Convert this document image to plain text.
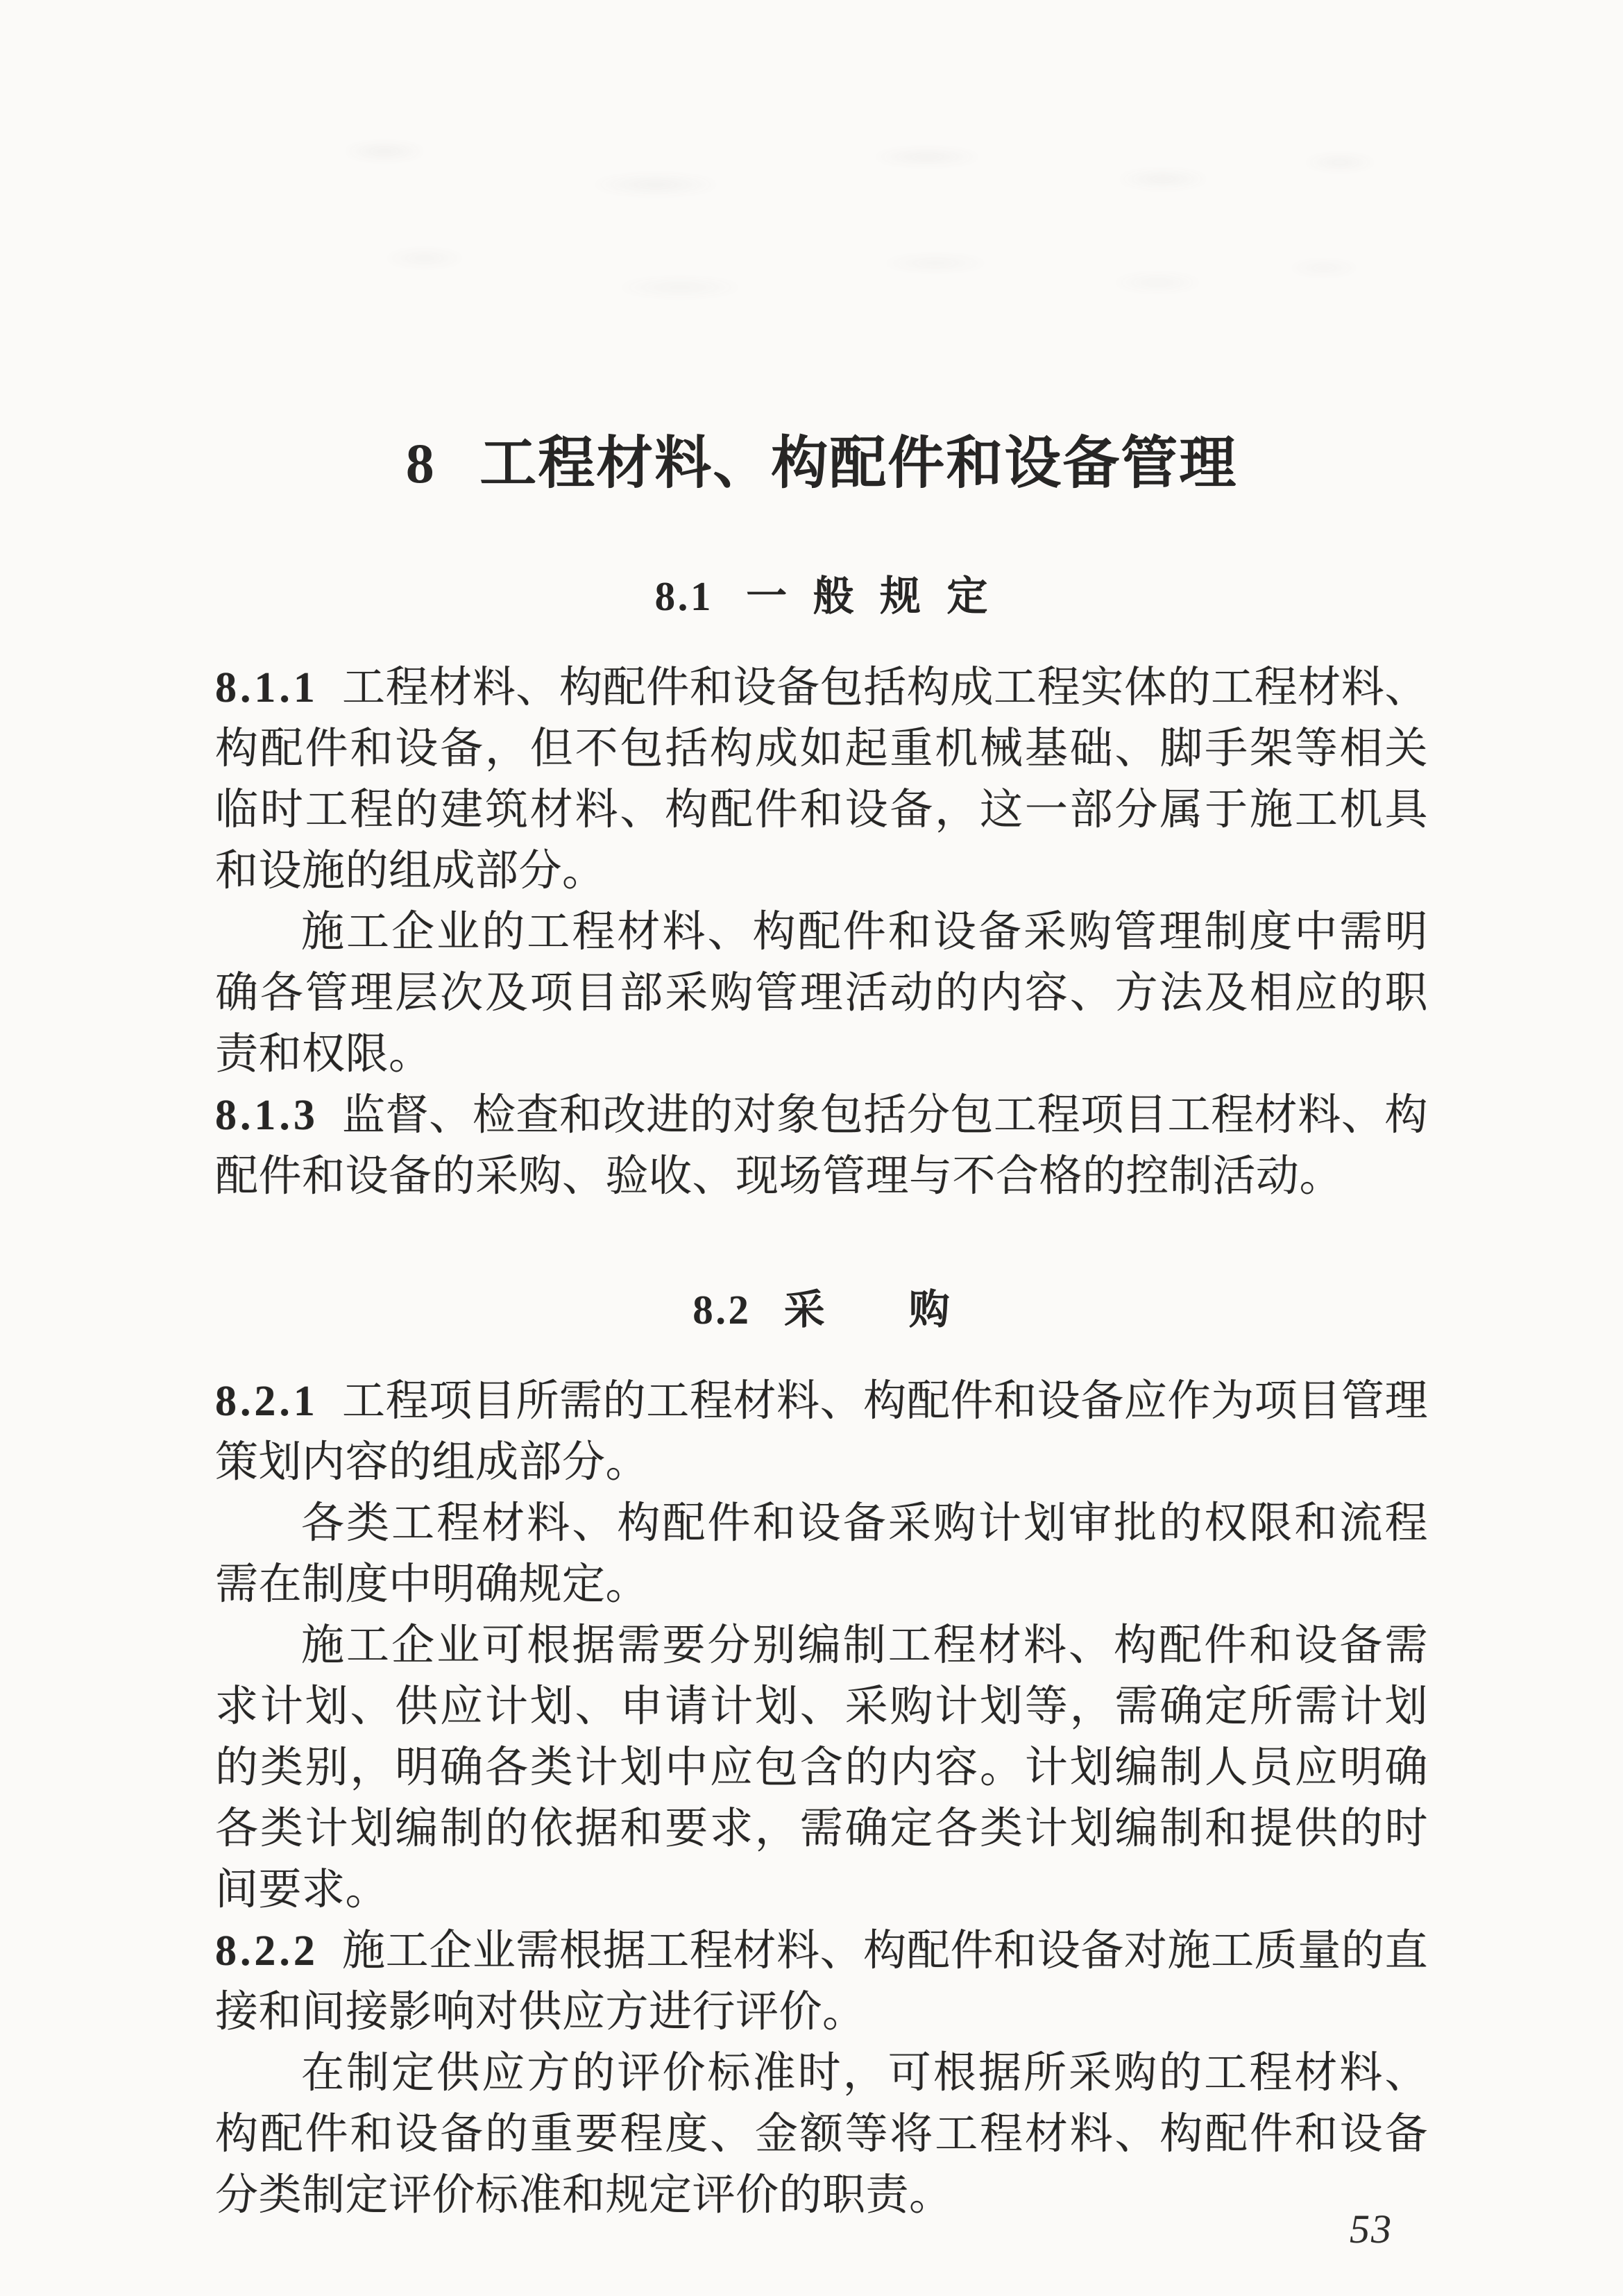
8 工程材料、构配件和设备管理
8.1 一 般 规 定

8.1.1 工程材料、构配件和设备包括构成工程实体的工程材料、构配件和设备，但不包括构成如起重机械基础、脚手架等相关临时工程的建筑材料、构配件和设备，这一部分属于施工机具和设施的组成部分。

施工企业的工程材料、构配件和设备采购管理制度中需明确各管理层次及项目部采购管理活动的内容、方法及相应的职责和权限。

8.1.3 监督、检查和改进的对象包括分包工程项目工程材料、构配件和设备的采购、验收、现场管理与不合格的控制活动。

8.2 采　　购

8.2.1 工程项目所需的工程材料、构配件和设备应作为项目管理策划内容的组成部分。

各类工程材料、构配件和设备采购计划审批的权限和流程需在制度中明确规定。

施工企业可根据需要分别编制工程材料、构配件和设备需求计划、供应计划、申请计划、采购计划等，需确定所需计划的类别，明确各类计划中应包含的内容。计划编制人员应明确各类计划编制的依据和要求，需确定各类计划编制和提供的时间要求。

8.2.2 施工企业需根据工程材料、构配件和设备对施工质量的直接和间接影响对供应方进行评价。

在制定供应方的评价标准时，可根据所采购的工程材料、构配件和设备的重要程度、金额等将工程材料、构配件和设备分类制定评价标准和规定评价的职责。

53
